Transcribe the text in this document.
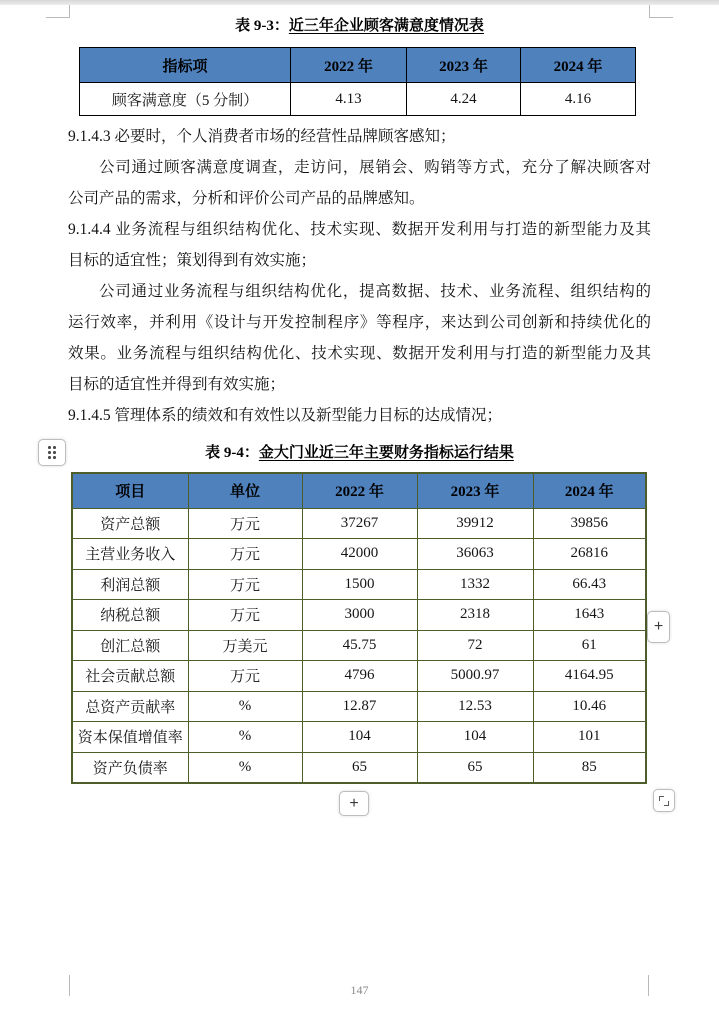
表 9-3：近三年企业顾客满意度情况表
指标项	2022 年	2023 年	2024 年
顾客满意度（5 分制）	4.13	4.24	4.16
9.1.4.3 必要时，个人消费者市场的经营性品牌顾客感知；
公司通过顾客满意度调查，走访问，展销会、购销等方式，充分了解决顾客对
公司产品的需求，分析和评价公司产品的品牌感知。
9.1.4.4 业务流程与组织结构优化、技术实现、数据开发利用与打造的新型能力及其
目标的适宜性；策划得到有效实施；
公司通过业务流程与组织结构优化，提高数据、技术、业务流程、组织结构的
运行效率，并利用《设计与开发控制程序》等程序，来达到公司创新和持续优化的
效果。业务流程与组织结构优化、技术实现、数据开发利用与打造的新型能力及其
目标的适宜性并得到有效实施；
9.1.4.5 管理体系的绩效和有效性以及新型能力目标的达成情况；
表 9-4：金大门业近三年主要财务指标运行结果
项目	单位	2022 年	2023 年	2024 年
资产总额	万元	37267	39912	39856
主营业务收入	万元	42000	36063	26816
利润总额	万元	1500	1332	66.43
纳税总额	万元	3000	2318	1643
创汇总额	万美元	45.75	72	61
社会贡献总额	万元	4796	5000.97	4164.95
总资产贡献率	%	12.87	12.53	10.46
资本保值增值率	%	104	104	101
资产负债率	%	65	65	85
+
+
147
